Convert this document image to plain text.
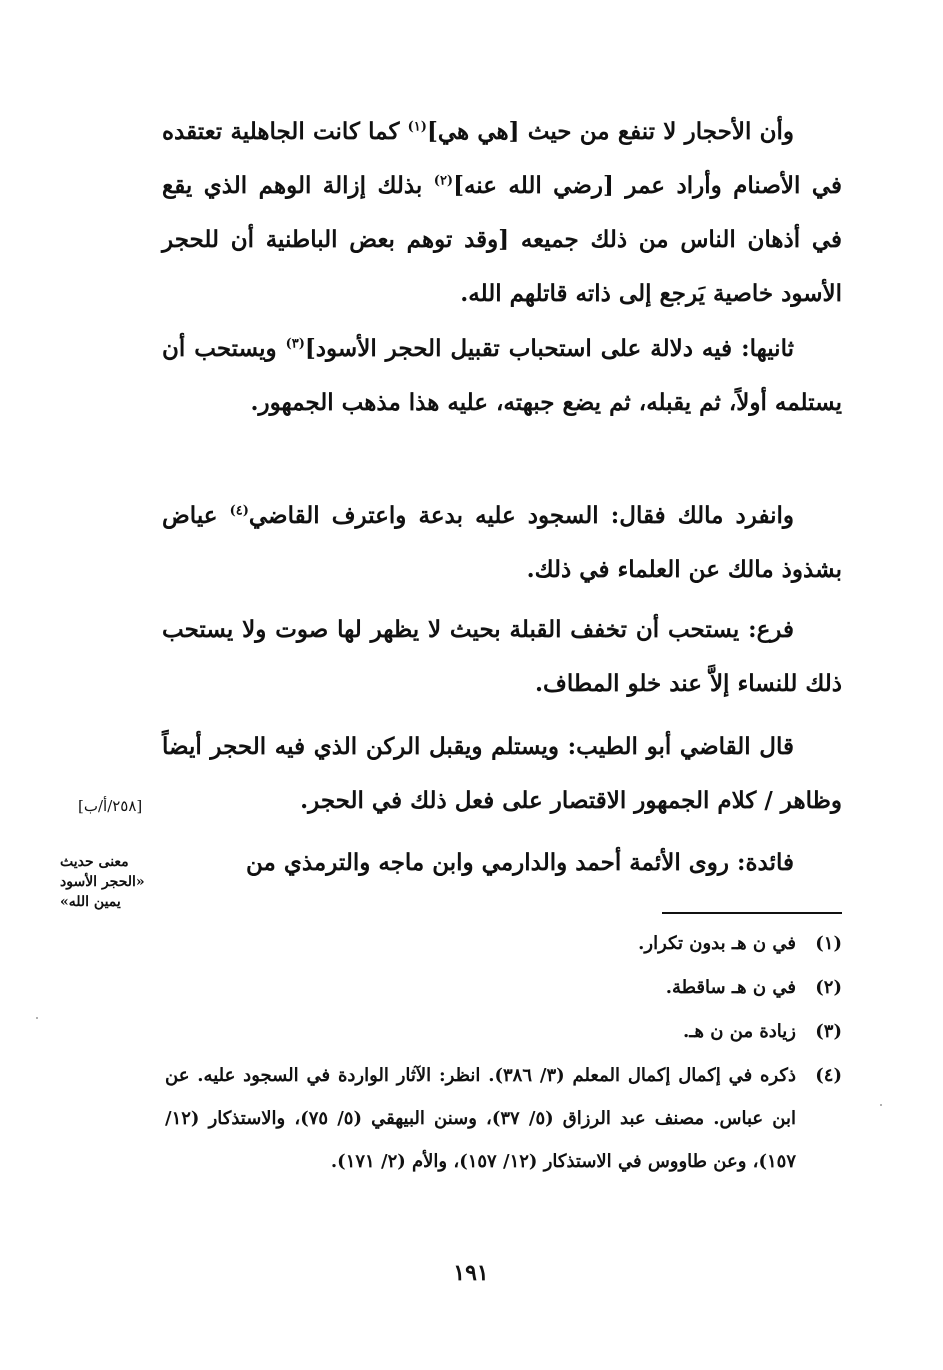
وأن الأحجار لا تنفع من حيث [هي هي]$^{(١)}$ كما كانت الجاهلية تعتقده في الأصنام وأراد عمر [رضي الله عنه]$^{(٢)}$ بذلك إزالة الوهم الذي يقع في أذهان الناس من ذلك جميعه [وقد توهم بعض الباطنية أن للحجر الأسود خاصية يَرجع إلى ذاته قاتلهم الله.

ثانيها: فيه دلالة على استحباب تقبيل الحجر الأسود]$^{(٣)}$ ويستحب أن يستلمه أولاً، ثم يقبله، ثم يضع جبهته، عليه هذا مذهب الجمهور.

وانفرد مالك فقال: السجود عليه بدعة واعترف القاضي$^{(٤)}$ عياض بشذوذ مالك عن العلماء في ذلك.

فرع: يستحب أن تخفف القبلة بحيث لا يظهر لها صوت ولا يستحب ذلك للنساء إلاَّ عند خلو المطاف.

قال القاضي أبو الطيب: ويستلم ويقبل الركن الذي فيه الحجر أيضاً وظاهر / كلام الجمهور الاقتصار على فعل ذلك في الحجر.

[٢٥٨/أ/ب]

فائدة: روى الأئمة أحمد والدارمي وابن ماجه والترمذي من

معنى حديث
«الحجر الأسود
يمين الله»
(١)
في ن هـ بدون تكرار.
(٢)
في ن هـ ساقطة.
(٣)
زيادة من ن هـ.
(٤)
ذكره في إكمال إكمال المعلم (٣/ ٣٨٦). انظر: الآثار الواردة في السجود عليه. عن ابن عباس. مصنف عبد الرزاق (٥/ ٣٧)، وسنن البيهقي (٥/ ٧٥)، والاستذكار (١٢/ ١٥٧)، وعن طاووس في الاستذكار (١٢/ ١٥٧)، والأم (٢/ ١٧١).
١٩١
